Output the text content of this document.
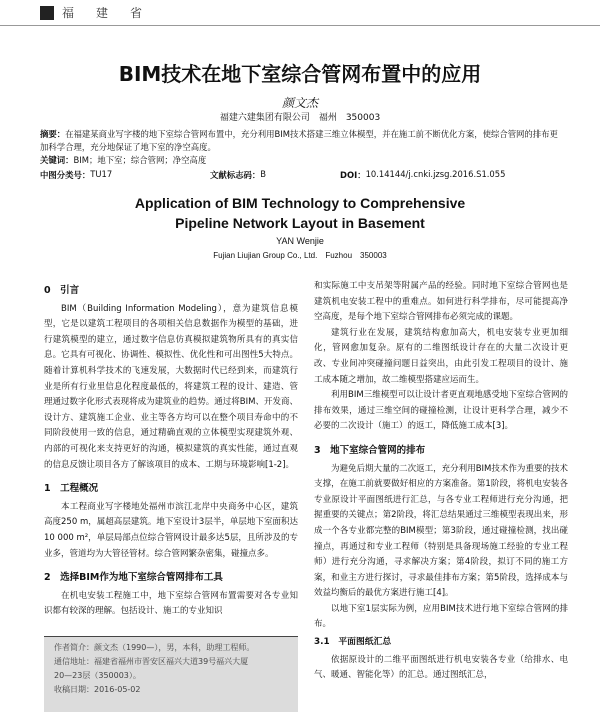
福建省
BIM技术在地下室综合管网布置中的应用
颜文杰
福建六建集团有限公司　福州　350003
摘要：在福建某商业写字楼的地下室综合管网布置中，充分利用BIM技术搭建三维立体模型，并在施工前不断优化方案，使综合管网的排布更加科学合理，充分地保证了地下室的净空高度。
关键词：BIM；地下室；综合管网；净空高度
中图分类号： TU17	文献标志码： B	DOI： 10.14144/j.cnki.jzsg.2016.S1.055
Application of BIM Technology to Comprehensive Pipeline Network Layout in Basement
YAN Wenjie
Fujian Liujian Group Co., Ltd.　Fuzhou　350003

0　引言

BIM（Building Information Modeling），意为建筑信息模型，它是以建筑工程项目的各项相关信息数据作为模型的基础，进行建筑模型的建立，通过数字信息仿真模拟建筑物所具有的真实信息。它具有可视化、协调性、模拟性、优化性和可出图性5大特点。随着计算机科学技术的飞速发展，大数据时代已经到来，而建筑行业是所有行业里信息化程度最低的，将建筑工程的设计、建造、管理通过数字化形式表现将成为建筑业的趋势。通过将BIM、开发商、设计方、建筑施工企业、业主等各方均可以在整个项目寿命中的不同阶段使用一致的信息，通过精确直观的立体模型实现建筑外观、内部的可视化来支持更好的沟通，模拟建筑的真实性能，通过直观的信息反馈让项目各方了解该项目的成本、工期与环境影响[1-2]。

1　工程概况

本工程商业写字楼地处福州市滨江北岸中央商务中心区，建筑高度250 m，属超高层建筑。地下室设计3层半，单层地下室面积达10 000 m²，单层局部点位综合管网设计最多达5层，且所涉及的专业多，管道均为大管径管材。综合管网繁杂密集，碰撞点多。

2　选择BIM作为地下室综合管网排布工具

在机电安装工程施工中，地下室综合管网布置需要对各专业知识都有较深的理解。包括设计、施工的专业知识

和实际施工中支吊架等附属产品的经验。同时地下室综合管网也是建筑机电安装工程中的重难点。如何进行科学排布，尽可能提高净空高度，是每个地下室综合管网排布必须完成的课题。

建筑行业在发展，建筑结构愈加高大，机电安装专业更加细化，管网愈加复杂。原有的二维图纸设计存在的大量二次设计更改、专业间冲突碰撞问题日益突出，由此引发工程项目的设计、施工成本随之增加，故二维模型搭建应运而生。

利用BIM三维模型可以让设计者更直观地感受地下室综合管网的排布效果，通过三维空间的碰撞检测，让设计更科学合理，减少不必要的二次设计（施工）的返工，降低施工成本[3]。

3　地下室综合管网的排布

为避免后期大量的二次返工，充分利用BIM技术作为重要的技术支撑，在施工前就要做好相应的方案准备。第1阶段，将机电安装各专业原设计平面图纸进行汇总，与各专业工程师进行充分沟通，把握重要的关键点；第2阶段，将汇总结果通过三维模型表现出来，形成一个各专业都完整的BIM模型；第3阶段，通过碰撞检测，找出碰撞点，再通过和专业工程师（特别是具备现场施工经验的专业工程师）进行充分沟通，寻求解决方案；第4阶段，拟订不同的施工方案，和业主方进行探讨，寻求最佳排布方案；第5阶段，选择成本与效益均衡后的最优方案进行施工[4]。

以地下室1层实际为例，应用BIM技术进行地下室综合管网的排布。

3.1　平面图纸汇总

依据原设计的二维平面图纸进行机电安装各专业（给排水、电气、暖通、智能化等）的汇总。通过图纸汇总，

作者简介：颜文杰（1990—），男，本科，助理工程师。
通信地址：福建省福州市晋安区福兴大道39号福兴大厦
20—23层（350003）。
收稿日期：2016-05-02
